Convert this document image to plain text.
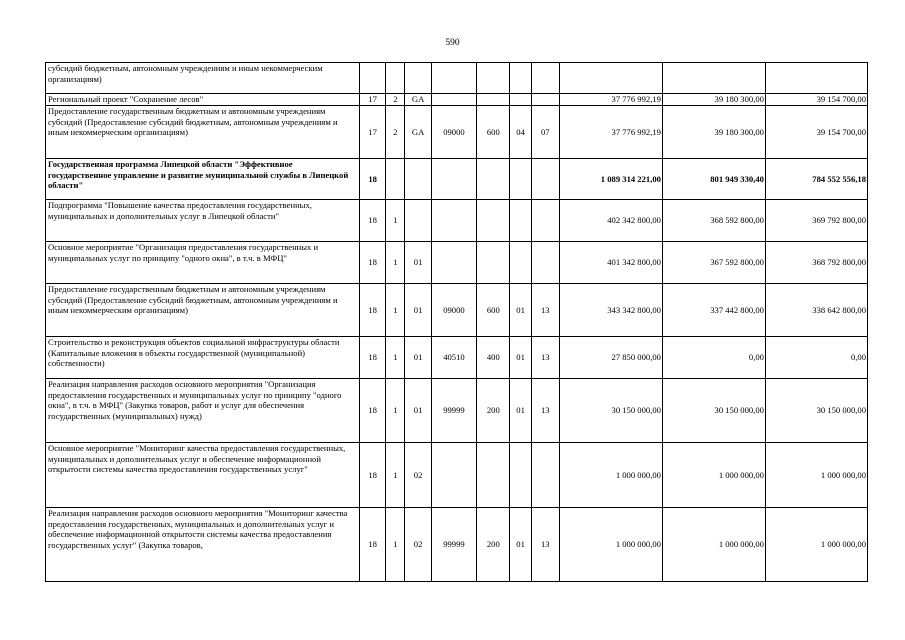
590
субсидий бюджетным, автономным учреждениям и иным некоммерческим организациям)										
Региональный проект "Сохранение лесов"	17	2	GA					37 776 992,19	39 180 300,00	39 154 700,00
Предоставление государственным бюджетным и автономным учреждениям субсидий (Предоставление субсидий бюджетным, автономным учреждениям и иным некоммерческим организациям)	17	2	GA	09000	600	04	07	37 776 992,19	39 180 300,00	39 154 700,00
Государственная программа Липецкой области "Эффективное государственное управление и развитие муниципальной службы в Липецкой области"	18							1 089 314 221,00	801 949 330,40	784 552 556,18
Подпрограмма "Повышение качества предоставления государственных, муниципальных и дополнительных услуг в Липецкой области"	18	1						402 342 800,00	368 592 800,00	369 792 800,00
Основное мероприятие "Организация предоставления государственных и муниципальных услуг по принципу "одного окна", в т.ч. в МФЦ"	18	1	01					401 342 800,00	367 592 800,00	368 792 800,00
Предоставление государственным бюджетным и автономным учреждениям субсидий (Предоставление субсидий бюджетным, автономным учреждениям и иным некоммерческим организациям)	18	1	01	09000	600	01	13	343 342 800,00	337 442 800,00	338 642 800,00
Строительство и реконструкция объектов социальной инфраструктуры области (Капитальные вложения в объекты государственной (муниципальной) собственности)	18	1	01	40510	400	01	13	27 850 000,00	0,00	0,00
Реализация направления расходов основного мероприятия "Организация предоставления государственных и муниципальных услуг по принципу "одного окна", в т.ч. в МФЦ" (Закупка товаров, работ и услуг для обеспечения государственных (муниципальных) нужд)	18	1	01	99999	200	01	13	30 150 000,00	30 150 000,00	30 150 000,00
Основное мероприятие "Мониторинг качества предоставления государственных, муниципальных и дополнительных услуг и обеспечение информационной открытости системы качества предоставления государственных услуг"	18	1	02					1 000 000,00	1 000 000,00	1 000 000,00
Реализация направления расходов основного мероприятия "Мониторинг качества предоставления государственных, муниципальных и дополнительных услуг и обеспечение информационной открытости системы качества предоставления государственных услуг" (Закупка товаров,	18	1	02	99999	200	01	13	1 000 000,00	1 000 000,00	1 000 000,00
